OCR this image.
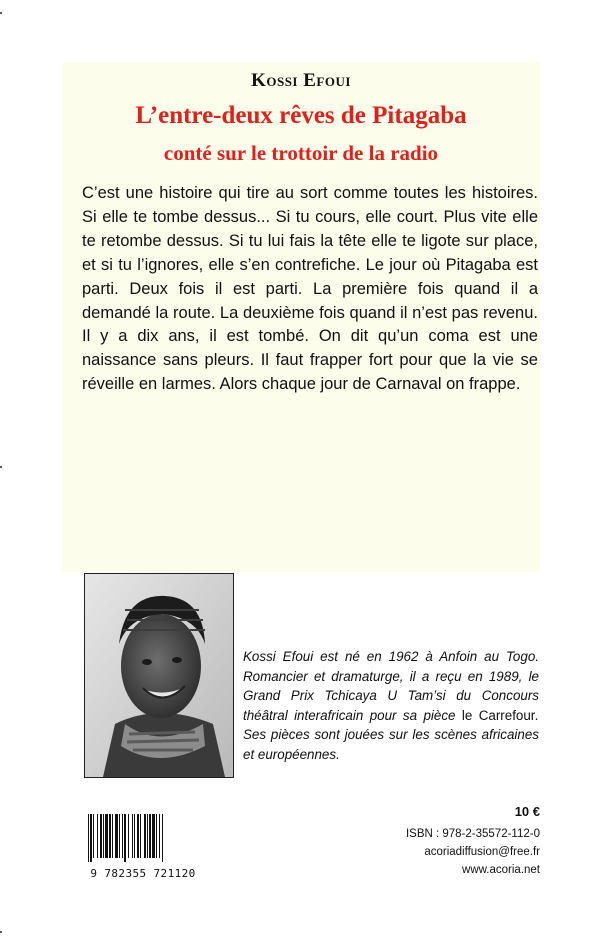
Kossi Efoui
L’entre-deux rêves de Pitagaba
conté sur le trottoir de la radio

C’est une histoire qui tire au sort comme toutes les histoires. Si elle te tombe dessus... Si tu cours, elle court. Plus vite elle te retombe dessus. Si tu lui fais la tête elle te ligote sur place, et si tu l’ignores, elle s’en contrefiche. Le jour où Pitagaba est parti. Deux fois il est parti. La première fois quand il a demandé la route. La deuxième fois quand il n’est pas revenu. Il y a dix ans, il est tombé. On dit qu’un coma est une naissance sans pleurs. Il faut frapper fort pour que la vie se réveille en larmes. Alors chaque jour de Carnaval on frappe.

Kossi Efoui est né en 1962 à Anfoin au Togo. Romancier et dramaturge, il a reçu en 1989, le Grand Prix Tchicaya U Tam’si du Concours théâtral interafricain pour sa pièce le Carrefour. Ses pièces sont jouées sur les scènes africaines et européennes.

9 782355 721120
10 €
ISBN : 978-2-35572-112-0
acoriadiffusion@free.fr
www.acoria.net
